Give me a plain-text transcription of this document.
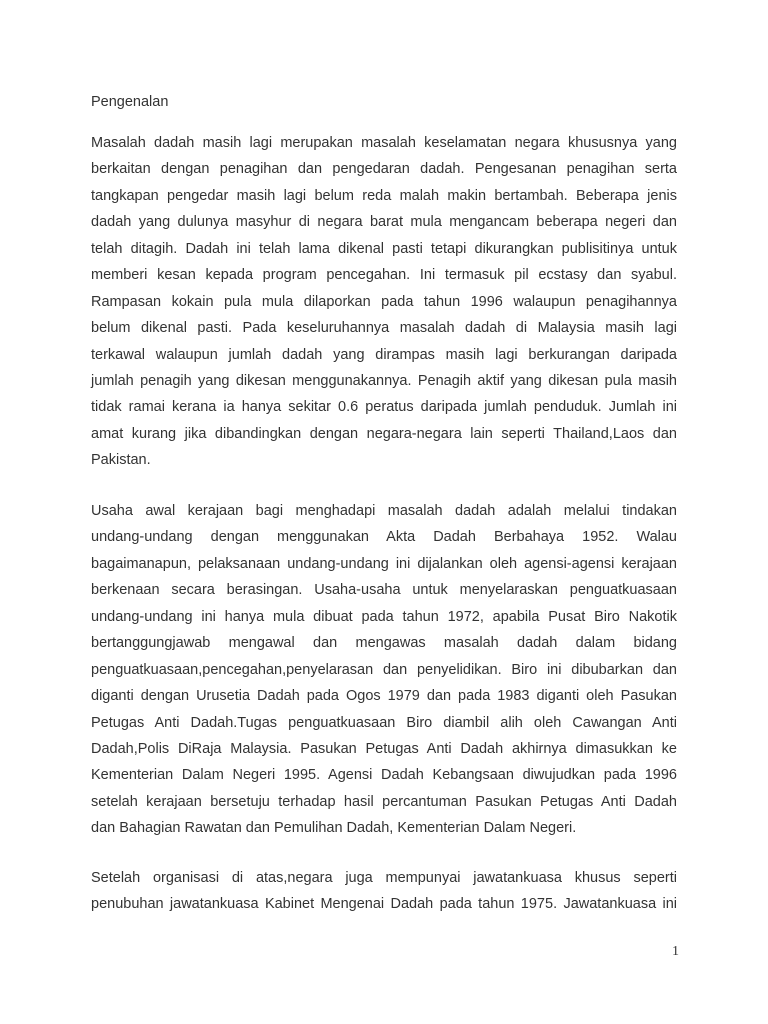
Pengenalan
Masalah dadah masih lagi merupakan masalah keselamatan negara khususnya yang
berkaitan dengan penagihan dan pengedaran dadah. Pengesanan penagihan serta
tangkapan pengedar masih lagi belum reda malah makin bertambah. Beberapa jenis
dadah yang dulunya masyhur di negara barat mula mengancam beberapa negeri dan
telah ditagih. Dadah ini telah lama dikenal pasti tetapi dikurangkan publisitinya untuk
memberi kesan kepada program pencegahan. Ini termasuk pil ecstasy dan syabul.
Rampasan kokain pula mula dilaporkan pada tahun 1996 walaupun penagihannya
belum dikenal pasti. Pada keseluruhannya masalah dadah di Malaysia masih lagi
terkawal walaupun jumlah dadah yang dirampas masih lagi berkurangan daripada
jumlah penagih yang dikesan menggunakannya. Penagih aktif yang dikesan pula masih
tidak ramai kerana ia hanya sekitar 0.6 peratus daripada jumlah penduduk. Jumlah ini
amat kurang jika dibandingkan dengan negara-negara lain seperti Thailand,Laos dan
Pakistan.
Usaha awal kerajaan bagi menghadapi masalah dadah adalah melalui tindakan
undang-undang dengan menggunakan Akta Dadah Berbahaya 1952. Walau
bagaimanapun, pelaksanaan undang-undang ini dijalankan oleh agensi-agensi kerajaan
berkenaan secara berasingan. Usaha-usaha untuk menyelaraskan penguatkuasaan
undang-undang ini hanya mula dibuat pada tahun 1972, apabila Pusat Biro Nakotik
bertanggungjawab mengawal dan mengawas masalah dadah dalam bidang
penguatkuasaan,pencegahan,penyelarasan dan penyelidikan. Biro ini dibubarkan dan
diganti dengan Urusetia Dadah pada Ogos 1979 dan pada 1983 diganti oleh Pasukan
Petugas Anti Dadah.Tugas penguatkuasaan Biro diambil alih oleh Cawangan Anti
Dadah,Polis DiRaja Malaysia. Pasukan Petugas Anti Dadah akhirnya dimasukkan ke
Kementerian Dalam Negeri 1995. Agensi Dadah Kebangsaan diwujudkan pada 1996
setelah kerajaan bersetuju terhadap hasil percantuman Pasukan Petugas Anti Dadah
dan Bahagian Rawatan dan Pemulihan Dadah, Kementerian Dalam Negeri.
Setelah organisasi di atas,negara juga mempunyai jawatankuasa khusus seperti
penubuhan jawatankuasa Kabinet Mengenai Dadah pada tahun 1975. Jawatankuasa ini
1
